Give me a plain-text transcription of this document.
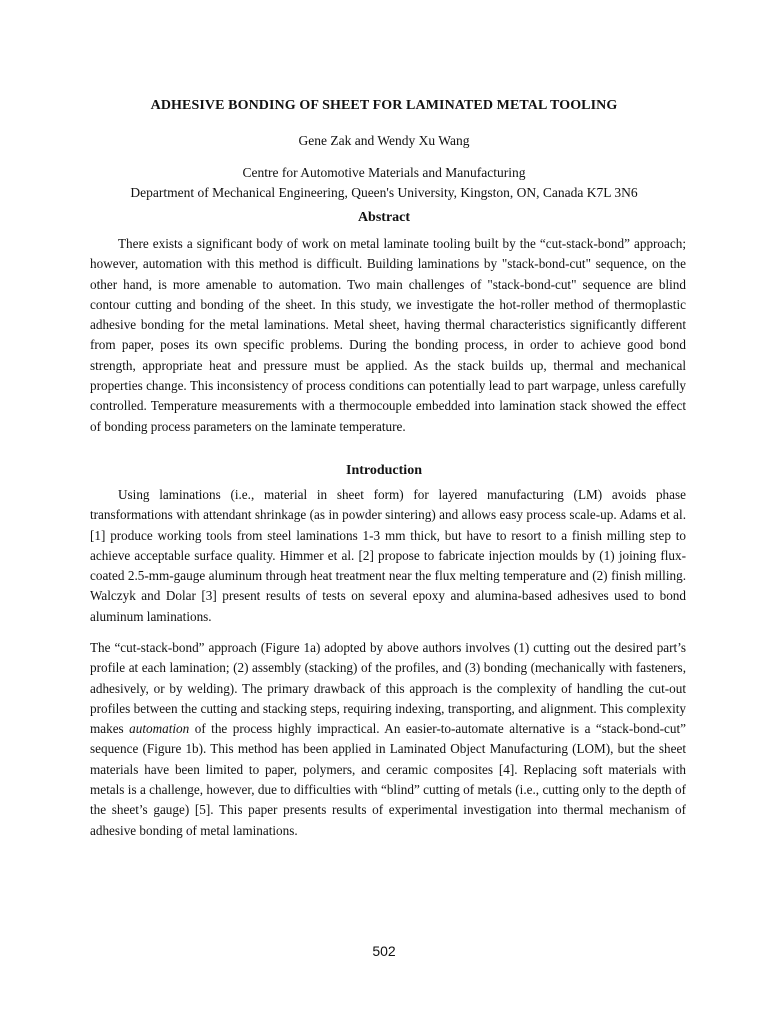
ADHESIVE BONDING OF SHEET FOR LAMINATED METAL TOOLING
Gene Zak and Wendy Xu Wang
Centre for Automotive Materials and Manufacturing
Department of Mechanical Engineering, Queen's University, Kingston, ON, Canada K7L 3N6
Abstract

There exists a significant body of work on metal laminate tooling built by the “cut-stack-bond” approach; however, automation with this method is difficult. Building laminations by "stack-bond-cut" sequence, on the other hand, is more amenable to automation. Two main challenges of "stack-bond-cut" sequence are blind contour cutting and bonding of the sheet. In this study, we investigate the hot-roller method of thermoplastic adhesive bonding for the metal laminations. Metal sheet, having thermal characteristics significantly different from paper, poses its own specific problems. During the bonding process, in order to achieve good bond strength, appropriate heat and pressure must be applied. As the stack builds up, thermal and mechanical properties change. This inconsistency of process conditions can potentially lead to part warpage, unless carefully controlled. Temperature measurements with a thermocouple embedded into lamination stack showed the effect of bonding process parameters on the laminate temperature.

Introduction

Using laminations (i.e., material in sheet form) for layered manufacturing (LM) avoids phase transformations with attendant shrinkage (as in powder sintering) and allows easy process scale-up. Adams et al. [1] produce working tools from steel laminations 1-3 mm thick, but have to resort to a finish milling step to achieve acceptable surface quality. Himmer et al. [2] propose to fabricate injection moulds by (1) joining flux-coated 2.5-mm-gauge aluminum through heat treatment near the flux melting temperature and (2) finish milling. Walczyk and Dolar [3] present results of tests on several epoxy and alumina-based adhesives used to bond aluminum laminations.

The “cut-stack-bond” approach (Figure 1a) adopted by above authors involves (1) cutting out the desired part’s profile at each lamination; (2) assembly (stacking) of the profiles, and (3) bonding (mechanically with fasteners, adhesively, or by welding). The primary drawback of this approach is the complexity of handling the cut-out profiles between the cutting and stacking steps, requiring indexing, transporting, and alignment. This complexity makes automation of the process highly impractical. An easier-to-automate alternative is a “stack-bond-cut” sequence (Figure 1b). This method has been applied in Laminated Object Manufacturing (LOM), but the sheet materials have been limited to paper, polymers, and ceramic composites [4]. Replacing soft materials with metals is a challenge, however, due to difficulties with “blind” cutting of metals (i.e., cutting only to the depth of the sheet’s gauge) [5]. This paper presents results of experimental investigation into thermal mechanism of adhesive bonding of metal laminations.

502
